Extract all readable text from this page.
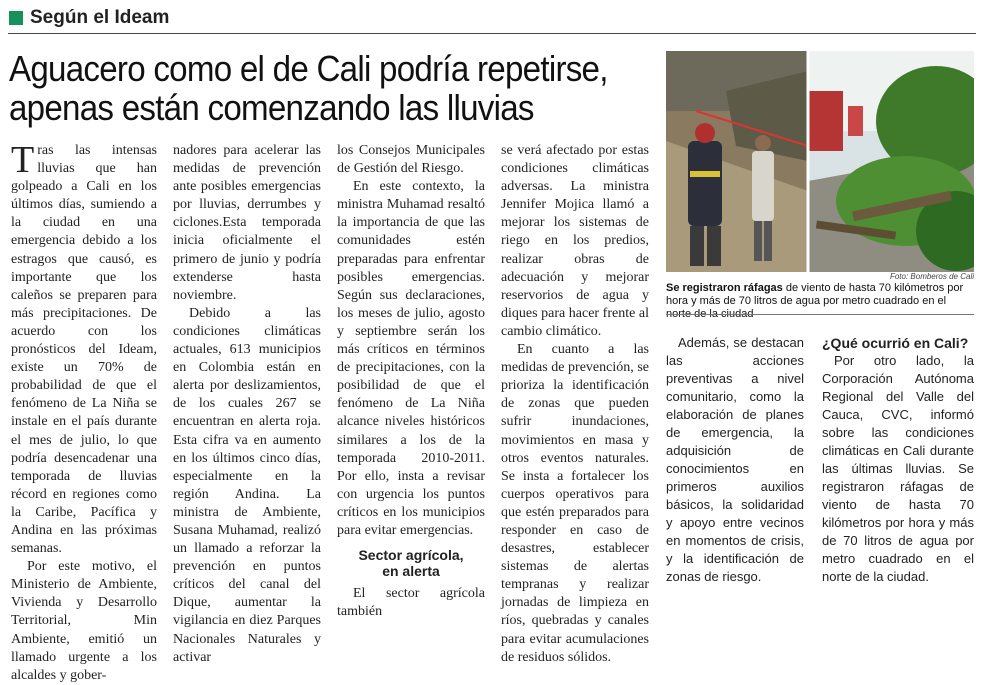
Según el Ideam
Aguacero como el de Cali podría repetirse,
apenas están comenzando las lluvias

Tras las intensas lluvias que han golpeado a Cali en los últimos días, sumiendo a la ciudad en una emergencia debido a los estragos que causó, es importante que los caleños se preparen para más precipitaciones. De acuerdo con los pronósticos del Ideam, existe un 70% de probabilidad de que el fenómeno de La Niña se instale en el país durante el mes de julio, lo que podría desencadenar una temporada de lluvias récord en regiones como la Caribe, Pacífica y Andina en las próximas semanas.

Por este motivo, el Ministerio de Ambiente, Vivienda y Desarrollo Territorial, Min Ambiente, emitió un llamado urgente a los alcaldes y gober-

nadores para acelerar las medidas de prevención ante posibles emergencias por lluvias, derrumbes y ciclones.Esta temporada inicia oficialmente el primero de junio y podría extenderse hasta noviembre.

Debido a las condiciones climáticas actuales, 613 municipios en Colombia están en alerta por deslizamientos, de los cuales 267 se encuentran en alerta roja. Esta cifra va en aumento en los últimos cinco días, especialmente en la región Andina. La ministra de Ambiente, Susana Muhamad, realizó un llamado a reforzar la prevención en puntos críticos del canal del Dique, aumentar la vigilancia en diez Parques Nacionales Naturales y activar

los Consejos Municipales de Gestión del Riesgo.

En este contexto, la ministra Muhamad resaltó la importancia de que las comunidades estén preparadas para enfrentar posibles emergencias. Según sus declaraciones, los meses de julio, agosto y septiembre serán los más críticos en términos de precipitaciones, con la posibilidad de que el fenómeno de La Niña alcance niveles históricos similares a los de la temporada 2010-2011. Por ello, insta a revisar con urgencia los puntos críticos en los municipios para evitar emergencias.

Sector agrícola,
en alerta

El sector agrícola también

se verá afectado por estas condiciones climáticas adversas. La ministra Jennifer Mojica llamó a mejorar los sistemas de riego en los predios, realizar obras de adecuación y mejorar reservorios de agua y diques para hacer frente al cambio climático.

En cuanto a las medidas de prevención, se prioriza la identificación de zonas que pueden sufrir inundaciones, movimientos en masa y otros eventos naturales. Se insta a fortalecer los cuerpos operativos para que estén preparados para responder en caso de desastres, establecer sistemas de alertas tempranas y realizar jornadas de limpieza en ríos, quebradas y canales para evitar acumulaciones de residuos sólidos.

Foto: Bomberos de Cali
Se registraron ráfagas de viento de hasta 70 kilómetros por hora y más de 70 litros de agua por metro cuadrado en el norte de la ciudad

Además, se destacan las acciones preventivas a nivel comunitario, como la elaboración de planes de emergencia, la adquisición de conocimientos en primeros auxilios básicos, la solidaridad y apoyo entre vecinos en momentos de crisis, y la identificación de zonas de riesgo.

¿Qué ocurrió en Cali?

Por otro lado, la Corporación Autónoma Regional del Valle del Cauca, CVC, informó sobre las condiciones climáticas en Cali durante las últimas lluvias. Se registraron ráfagas de viento de hasta 70 kilómetros por hora y más de 70 litros de agua por metro cuadrado en el norte de la ciudad.
